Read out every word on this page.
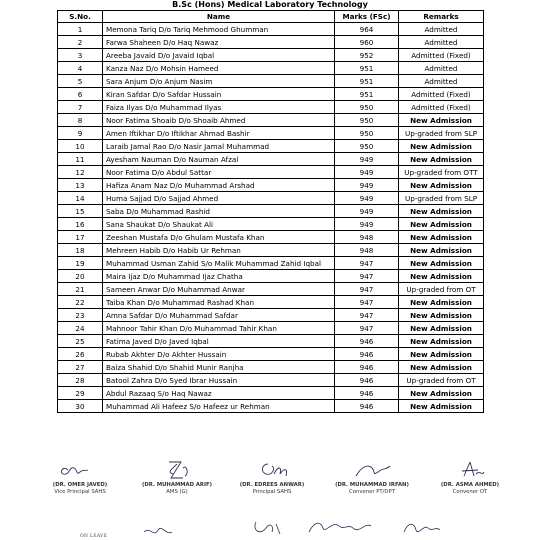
B.Sc (Hons) Medical Laboratory Technology
S.No.	Name	Marks (FSc)	Remarks
1	Memona Tariq D/o Tariq Mehmood Ghumman	964	Admitted
2	Farwa Shaheen D/o Haq Nawaz	960	Admitted
3	Areeba Javaid D/o Javaid Iqbal	952	Admitted (Fixed)
4	Kanza Naz D/o Mohsin Hameed	951	Admitted
5	Sara Anjum D/o Anjum Nasim	951	Admitted
6	Kiran Safdar D/o Safdar Hussain	951	Admitted (Fixed)
7	Faiza Ilyas D/o Muhammad Ilyas	950	Admitted (Fixed)
8	Noor Fatima Shoaib D/o Shoaib Ahmed	950	New Admission
9	Amen Iftikhar D/o Iftikhar Ahmad Bashir	950	Up-graded from SLP
10	Laraib Jamal Rao D/o Nasir Jamal Muhammad	950	New Admission
11	Ayesham Nauman D/o Nauman Afzal	949	New Admission
12	Noor Fatima D/o Abdul Sattar	949	Up-graded from OTT
13	Hafiza Anam Naz D/o Muhammad Arshad	949	New Admission
14	Huma Sajjad D/o Sajjad Ahmed	949	Up-graded from SLP
15	Saba D/o Muhammad Rashid	949	New Admission
16	Sana Shaukat D/o Shaukat Ali	949	New Admission
17	Zeeshan Mustafa D/o Ghulam Mustafa Khan	948	New Admission
18	Mehreen Habib D/o Habib Ur Rehman	948	New Admission
19	Muhammad Usman Zahid S/o Malik Muhammad Zahid Iqbal	947	New Admission
20	Maira Ijaz D/o Muhammad Ijaz Chatha	947	New Admission
21	Sameen Anwar D/o Muhammad Anwar	947	Up-graded from OT
22	Taiba Khan D/o Muhammad Rashad Khan	947	New Admission
23	Amna Safdar D/o Muhammad Safdar	947	New Admission
24	Mahnoor Tahir Khan D/o Muhammad Tahir Khan	947	New Admission
25	Fatima Javed D/o Javed Iqbal	946	New Admission
26	Rubab Akhter D/o Akhter Hussain	946	New Admission
27	Baiza Shahid D/o Shahid Munir Ranjha	946	New Admission
28	Batool Zahra D/o Syed Ibrar Hussain	946	Up-graded from OT
29	Abdul Razaaq S/o Haq Nawaz	946	New Admission
30	Muhammad Ali Hafeez S/o Hafeez ur Rehman	946	New Admission
(DR. OMER JAVED)
Vice Principal SAHS
(DR. MUHAMMAD ARIF)
AMS (G)
(DR. EDREES ANWAR)
Principal SAHS
(DR. MUHAMMAD IRFAN)
Convener PT/DPT
(DR. ASMA AHMED)
Convener OT
ON LEAVE
